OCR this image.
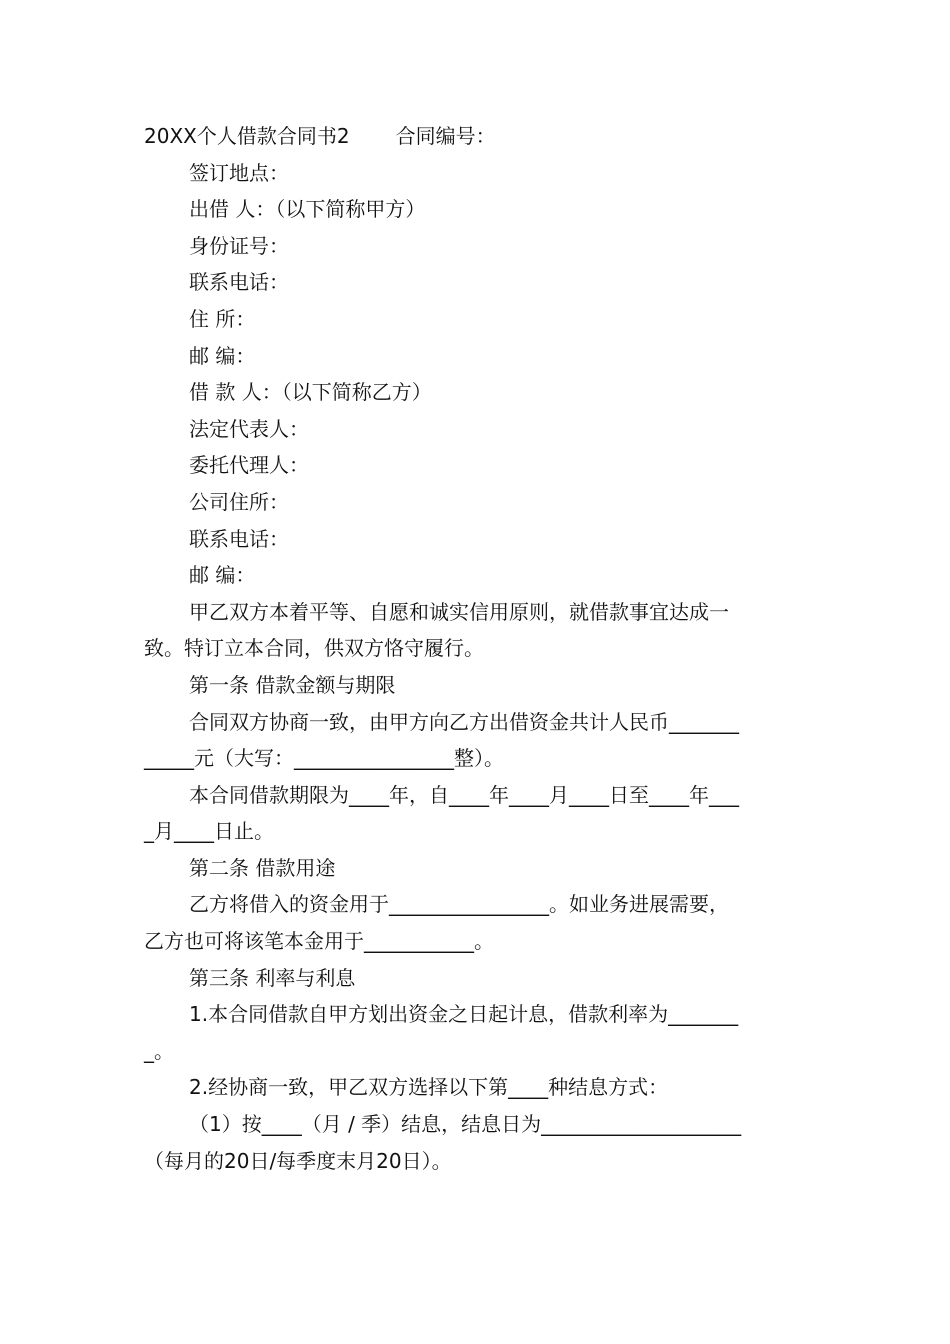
20XX个人借款合同书2 合同编号：

签订地点：

出借 人：（以下简称甲方）

身份证号：

联系电话：

住 所：

邮 编：

借 款 人：（以下简称乙方）

法定代表人：

委托代理人：

公司住所：

联系电话：

邮 编：

甲乙双方本着平等、自愿和诚实信用原则，就借款事宜达成一

致。特订立本合同，供双方恪守履行。

第一条 借款金额与期限

合同双方协商一致，由甲方向乙方出借资金共计人民币_______

_____元（大写：________________整）。

本合同借款期限为____年，自____年____月____日至____年___

_月____日止。

第二条 借款用途

乙方将借入的资金用于________________。如业务进展需要，

乙方也可将该笔本金用于___________。

第三条 利率与利息

1.本合同借款自甲方划出资金之日起计息，借款利率为_______

_。

2.经协商一致，甲乙双方选择以下第____种结息方式：

（1）按____（月 / 季）结息，结息日为____________________

（每月的20日/每季度末月20日）。
